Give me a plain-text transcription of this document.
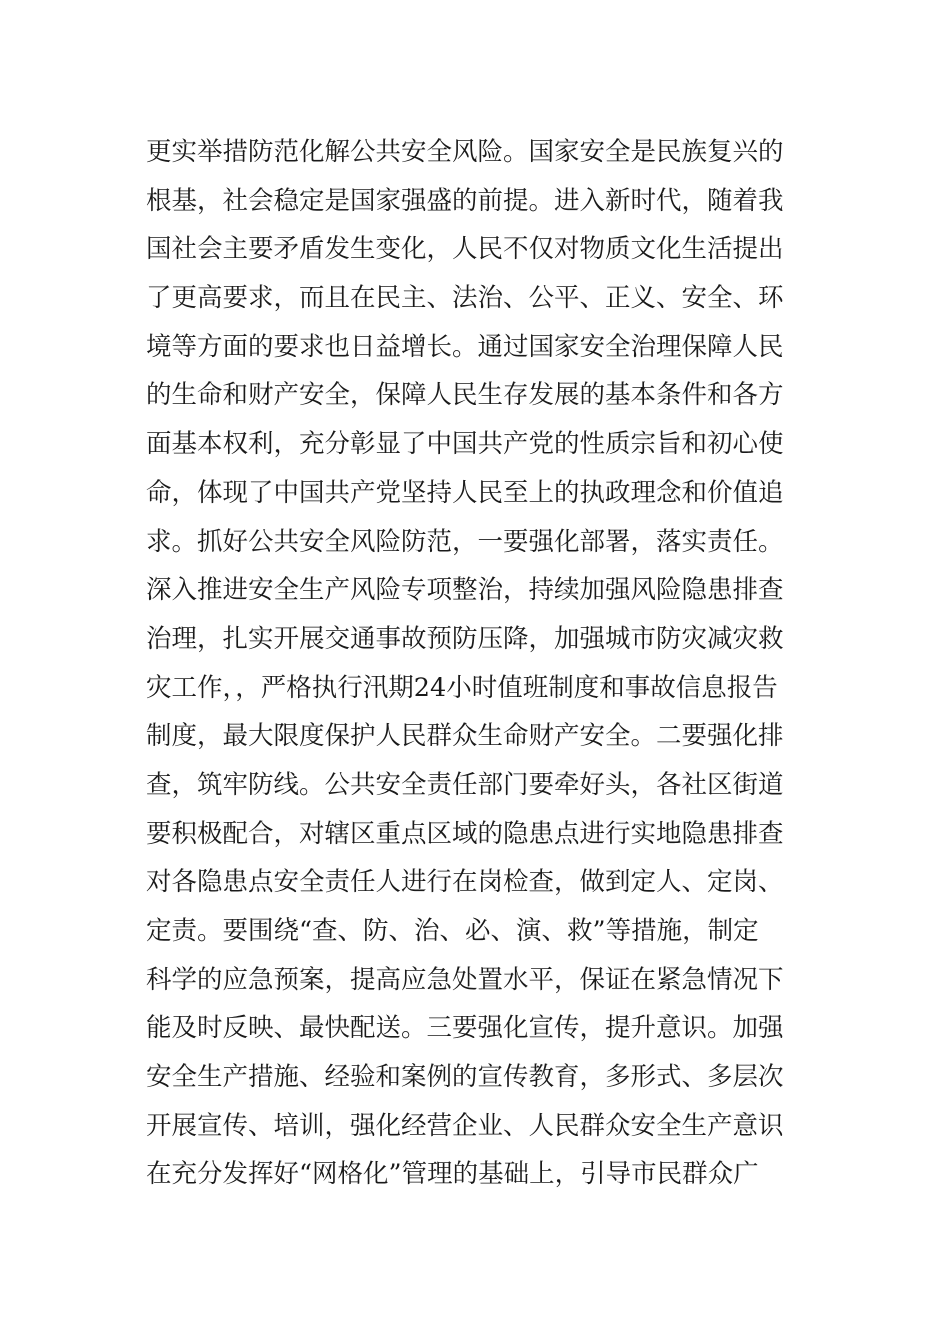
更实举措防范化解公共安全风险。国家安全是民族复兴的
根基，社会稳定是国家强盛的前提。进入新时代，随着我
国社会主要矛盾发生变化，人民不仅对物质文化生活提出
了更高要求，而且在民主、法治、公平、正义、安全、环
境等方面的要求也日益增长。通过国家安全治理保障人民
的生命和财产安全，保障人民生存发展的基本条件和各方
面基本权利，充分彰显了中国共产党的性质宗旨和初心使
命，体现了中国共产党坚持人民至上的执政理念和价值追
求。抓好公共安全风险防范，一要强化部署，落实责任。
深入推进安全生产风险专项整治，持续加强风险隐患排查
治理，扎实开展交通事故预防压降，加强城市防灾减灾救
灾工作，，严格执行汛期24小时值班制度和事故信息报告
制度，最大限度保护人民群众生命财产安全。二要强化排
查，筑牢防线。公共安全责任部门要牵好头，各社区街道
要积极配合，对辖区重点区域的隐患点进行实地隐患排查
对各隐患点安全责任人进行在岗检查，做到定人、定岗、
定责。要围绕“查、防、治、必、演、救”等措施，制定
科学的应急预案，提高应急处置水平，保证在紧急情况下
能及时反映、最快配送。三要强化宣传，提升意识。加强
安全生产措施、经验和案例的宣传教育，多形式、多层次
开展宣传、培训，强化经营企业、人民群众安全生产意识
在充分发挥好“网格化”管理的基础上，引导市民群众广
